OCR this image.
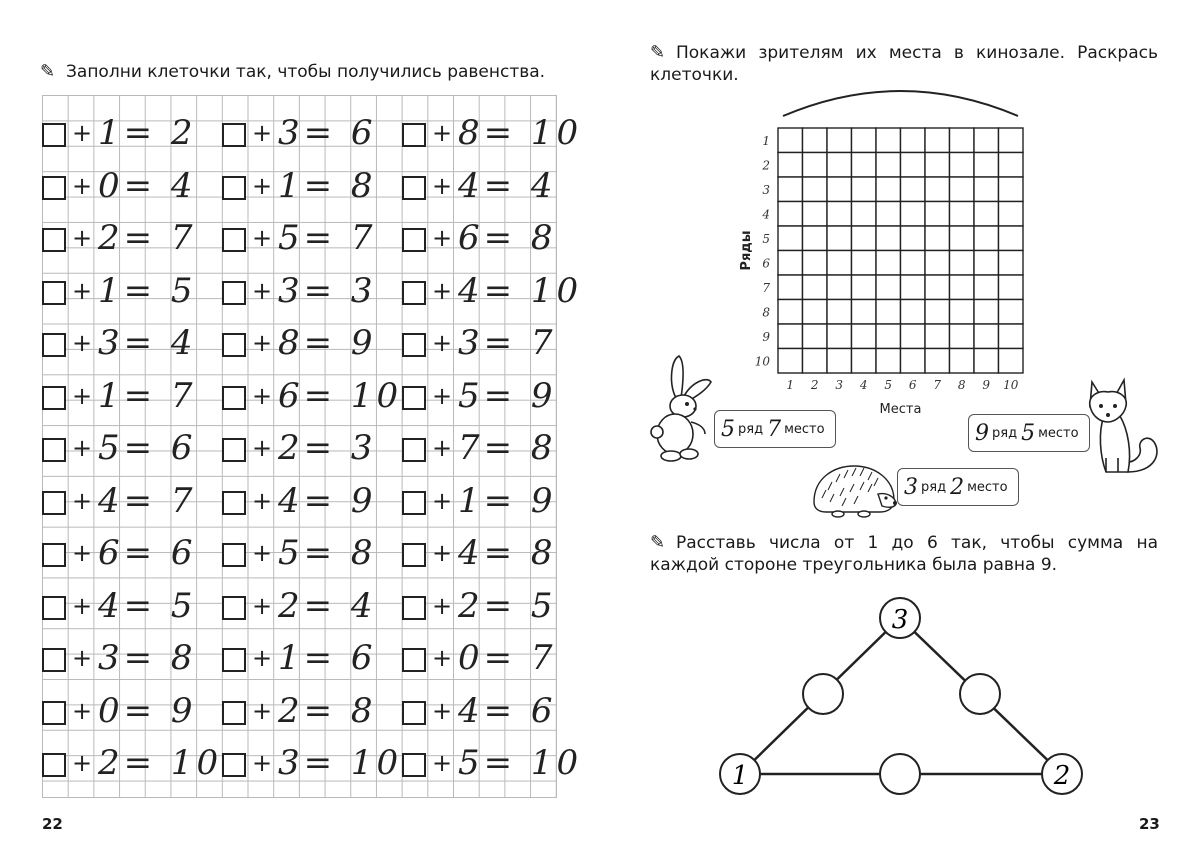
✎ Заполни клеточки так, чтобы получились равенства.
+ 1= 2
+ 0= 4
+ 2= 7
+ 1= 5
+ 3= 4
+ 1= 7
+ 5= 6
+ 4= 7
+ 6= 6
+ 4= 5
+ 3= 8
+ 0= 9
+ 2= 10
+ 3= 6
+ 1= 8
+ 5= 7
+ 3= 3
+ 8= 9
+ 6= 10
+ 2= 3
+ 4= 9
+ 5= 8
+ 2= 4
+ 1= 6
+ 2= 8
+ 3= 10
+ 8= 10
+ 4= 4
+ 6= 8
+ 4= 10
+ 3= 7
+ 5= 9
+ 7= 8
+ 1= 9
+ 4= 8
+ 2= 5
+ 0= 7
+ 4= 6
+ 5= 10
22
✎ Покажи зрителям их места в кинозале. Раскрась клеточки.
1
2
3
4
5
6
7
8
9
10
1 2 3 4 5 6 7 8 9 10
Ряды
Места
5 ряд 7 место	9 ряд 5 место
3 ряд 2 место
✎ Расставь числа от 1 до 6 так, чтобы сумма на каждой стороне треугольника была равна 9.
3
1	2
23
